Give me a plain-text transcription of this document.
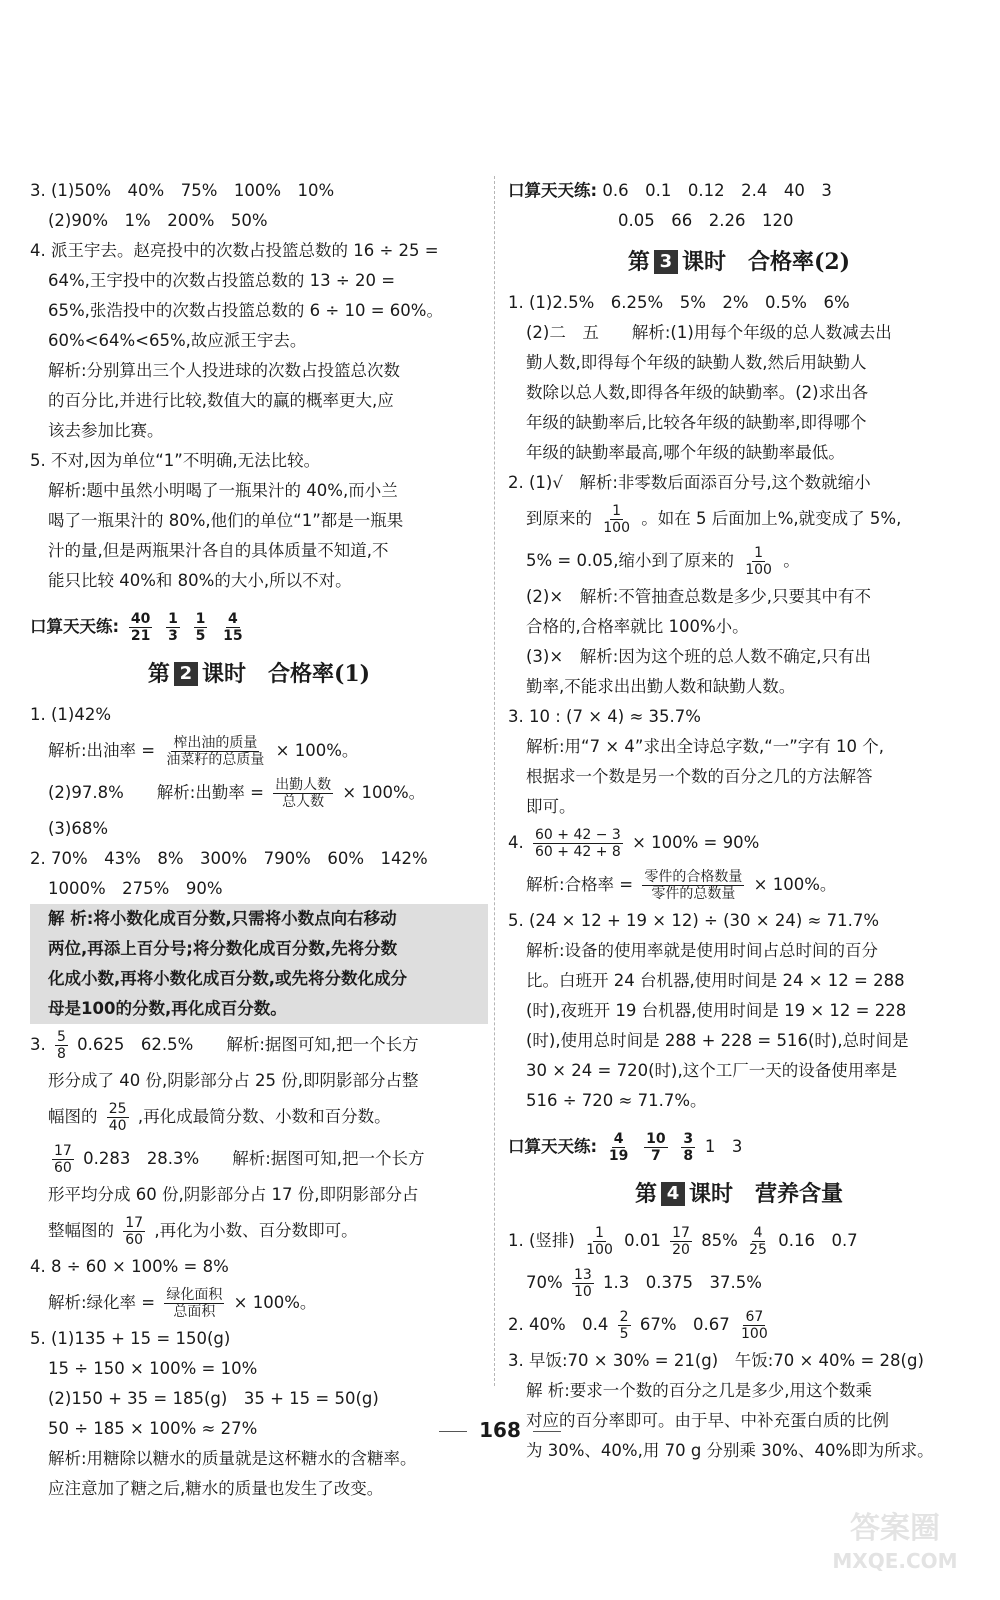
3. (1)50%　40%　75%　100%　10%
(2)90%　1%　200%　50%
4. 派王宇去。赵亮投中的次数占投篮总数的 16 ÷ 25 =
64%,王宇投中的次数占投篮总数的 13 ÷ 20 =
65%,张浩投中的次数占投篮总数的 6 ÷ 10 = 60%。
60%<64%<65%,故应派王宇去。
解析:分别算出三个人投进球的次数占投篮总次数
的百分比,并进行比较,数值大的赢的概率更大,应
该去参加比赛。
5. 不对,因为单位“1”不明确,无法比较。
解析:题中虽然小明喝了一瓶果汁的 40%,而小兰
喝了一瓶果汁的 80%,他们的单位“1”都是一瓶果
汁的量,但是两瓶果汁各自的具体质量不知道,不
能只比较 40%和 80%的大小,所以不对。
口算天天练: $\frac{40}{21}$
$\frac{1}{3}$
$\frac{1}{5}$
$\frac{4}{15}$
第 2 课时　合格率(1)
1. (1)42%
解析:出油率 = $\frac{\text{榨出油的质量}}{\text{油菜籽的总质量}} \times 100\%$。
(2)97.8%　　解析:出勤率 = $\frac{\text{出勤人数}}{\text{总人数}} \times 100\%$。
(3)68%
2. 70%　43%　8%　300%　790%　60%　142%
1000%　275%　90%
解 析:将小数化成百分数,只需将小数点向右移动
两位,再添上百分号;将分数化成百分数,先将分数
化成小数,再将小数化成百分数,或先将分数化成分
母是100的分数,再化成百分数。
3. $\frac{5}{8} 0.625$　62.5%　　解析:据图可知,把一个长方
形分成了 40 份,阴影部分占 25 份,即阴影部分占整
幅图的 $\frac{25}{40}$ ,再化成最简分数、小数和百分数。
$\frac{17}{60} 0.283$　28.3%　　解析:据图可知,把一个长方
形平均分成 60 份,阴影部分占 17 份,即阴影部分占
整幅图的 $\frac{17}{60}$ ,再化为小数、百分数即可。
4. 8 ÷ 60 × 100% = 8%
解析:绿化率 = $\frac{\text{绿化面积}}{\text{总面积}} \times 100\%$。
5. (1)135 + 15 = 150(g)
15 ÷ 150 × 100% = 10%
(2)150 + 35 = 185(g)　35 + 15 = 50(g)
50 ÷ 185 × 100% ≈ 27%
解析:用糖除以糖水的质量就是这杯糖水的含糖率。
应注意加了糖之后,糖水的质量也发生了改变。
口算天天练: 0.6　0.1　0.12　2.4　40　3
0.05　66　2.26　120
第 3 课时　合格率(2)
1. (1)2.5%　6.25%　5%　2%　0.5%　6%
(2)二　五　　解析:(1)用每个年级的总人数减去出
勤人数,即得每个年级的缺勤人数,然后用缺勤人
数除以总人数,即得各年级的缺勤率。(2)求出各
年级的缺勤率后,比较各年级的缺勤率,即得哪个
年级的缺勤率最高,哪个年级的缺勤率最低。
2. (1)√　解析:非零数后面添百分号,这个数就缩小
到原来的 $\frac{1}{100}$ 。如在 5 后面加上%,就变成了 5%,
5% = 0.05,缩小到了原来的 $\frac{1}{100}$ 。
(2)×　解析:不管抽查总数是多少,只要其中有不
合格的,合格率就比 100%小。
(3)×　解析:因为这个班的总人数不确定,只有出
勤率,不能求出出勤人数和缺勤人数。
3. 10 : (7 × 4) ≈ 35.7%
解析:用“7 × 4”求出全诗总字数,“一”字有 10 个,
根据求一个数是另一个数的百分之几的方法解答
即可。
4. $\frac{60 + 42 - 3}{60 + 42 + 8} \times 100\% = 90\%$
解析:合格率 = $\frac{\text{零件的合格数量}}{\text{零件的总数量}} \times 100\%$。
5. (24 × 12 + 19 × 12) ÷ (30 × 24) ≈ 71.7%
解析:设备的使用率就是使用时间占总时间的百分
比。白班开 24 台机器,使用时间是 24 × 12 = 288
(时),夜班开 19 台机器,使用时间是 19 × 12 = 228
(时),使用总时间是 288 + 228 = 516(时),总时间是
30 × 24 = 720(时),这个工厂一天的设备使用率是
516 ÷ 720 ≈ 71.7%。
口算天天练: $\frac{4}{19}$
$\frac{10}{7}$
$\frac{3}{8} 1$　3
第 4 课时　营养含量
1. (竖排) $\frac{1}{100} 0.01 \frac{17}{20} 85\% \frac{4}{25} 0.16$　0.7
$70\% \frac{13}{10} 1.3$　0.375　37.5%
2. 40%　$0.4 \frac{2}{5} 67\%$　$0.67 \frac{67}{100}$
3. 早饭:70 × 30% = 21(g)　午饭:70 × 40% = 28(g)
解 析:要求一个数的百分之几是多少,用这个数乘
对应的百分率即可。由于早、中补充蛋白质的比例
为 30%、40%,用 70 g 分别乘 30%、40%即为所求。
168
答案圈
MXQE.COM
